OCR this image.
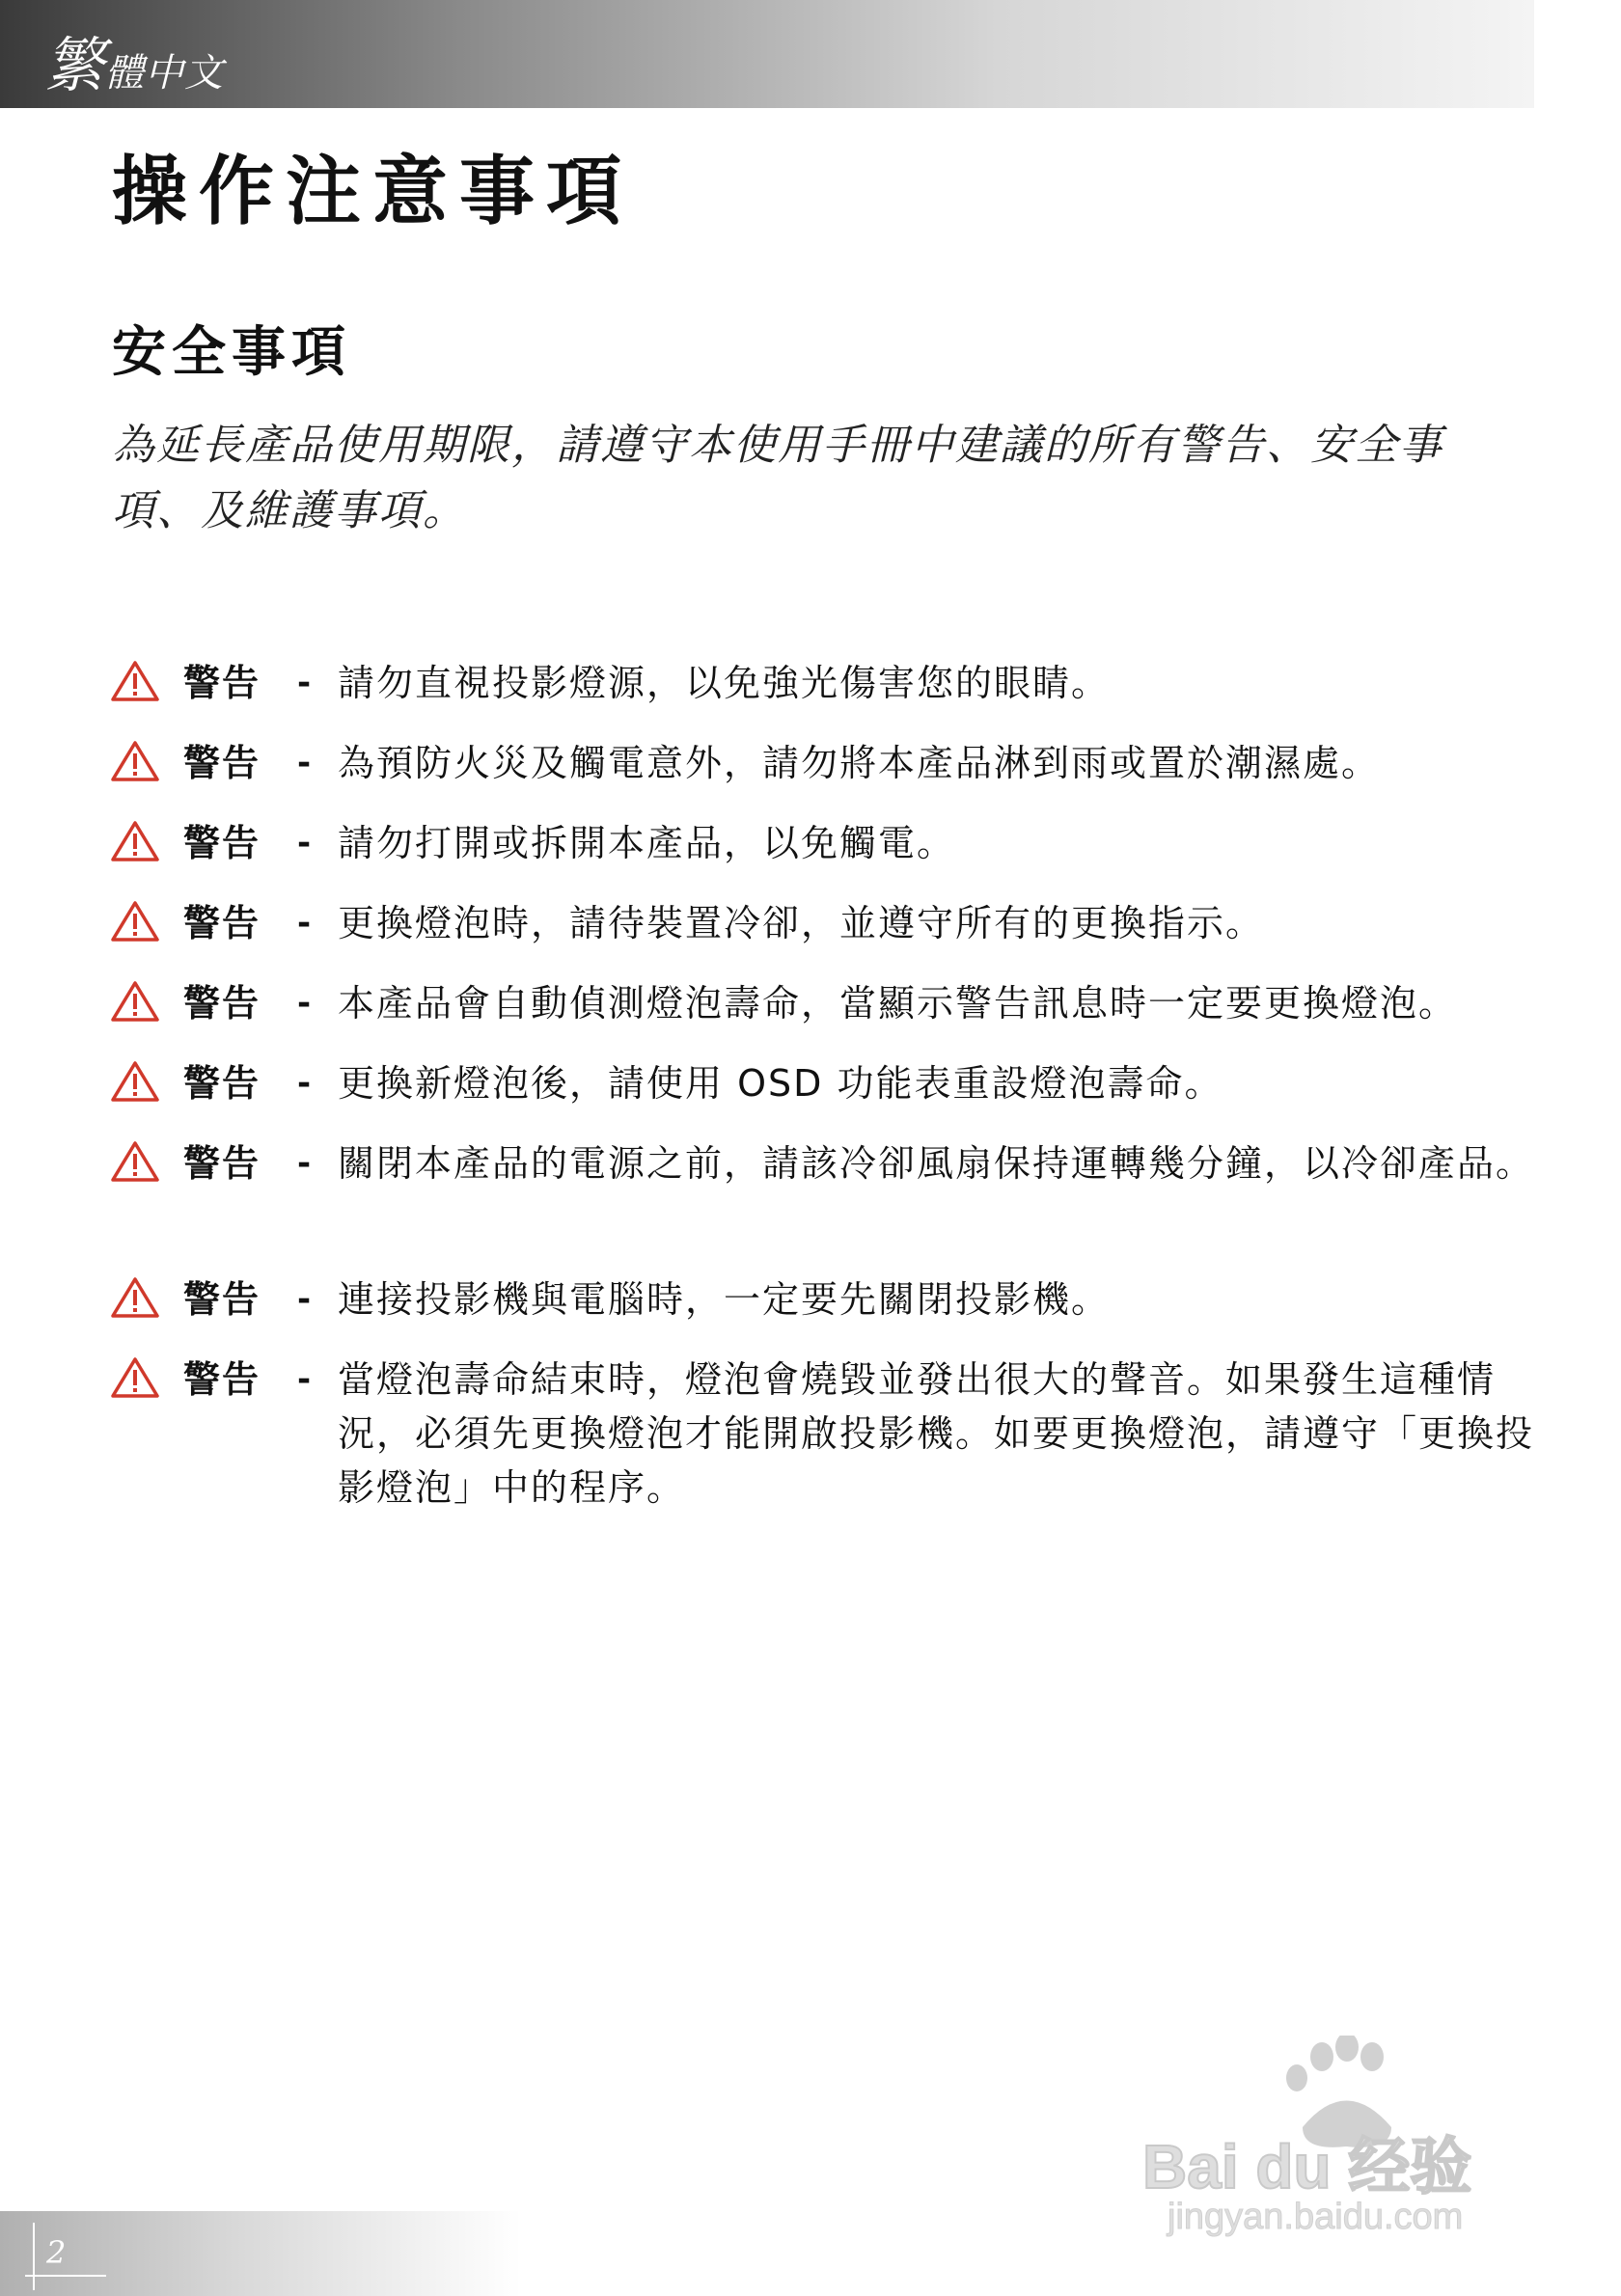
繁體中文
操作注意事項
安全事項

為延長產品使用期限，請遵守本使用手冊中建議的所有警告、安全事項、及維護事項。

警告	- 請勿直視投影燈源，以免強光傷害您的眼睛。
警告	- 為預防火災及觸電意外，請勿將本產品淋到雨或置於潮濕處。
警告	- 請勿打開或拆開本產品，以免觸電。
警告	- 更換燈泡時，請待裝置冷卻，並遵守所有的更換指示。
警告	- 本產品會自動偵測燈泡壽命，當顯示警告訊息時一定要更換燈泡。
警告	- 更換新燈泡後，請使用 OSD 功能表重設燈泡壽命。
警告	- 關閉本產品的電源之前，請該冷卻風扇保持運轉幾分鐘，以冷卻產品。
警告	- 連接投影機與電腦時，一定要先關閉投影機。
警告	- 當燈泡壽命結束時，燈泡會燒毀並發出很大的聲音。如果發生這種情況，必須先更換燈泡才能開啟投影機。如要更換燈泡，請遵守「更換投影燈泡」中的程序。
2
Bai du 经验
jingyan.baidu.com
